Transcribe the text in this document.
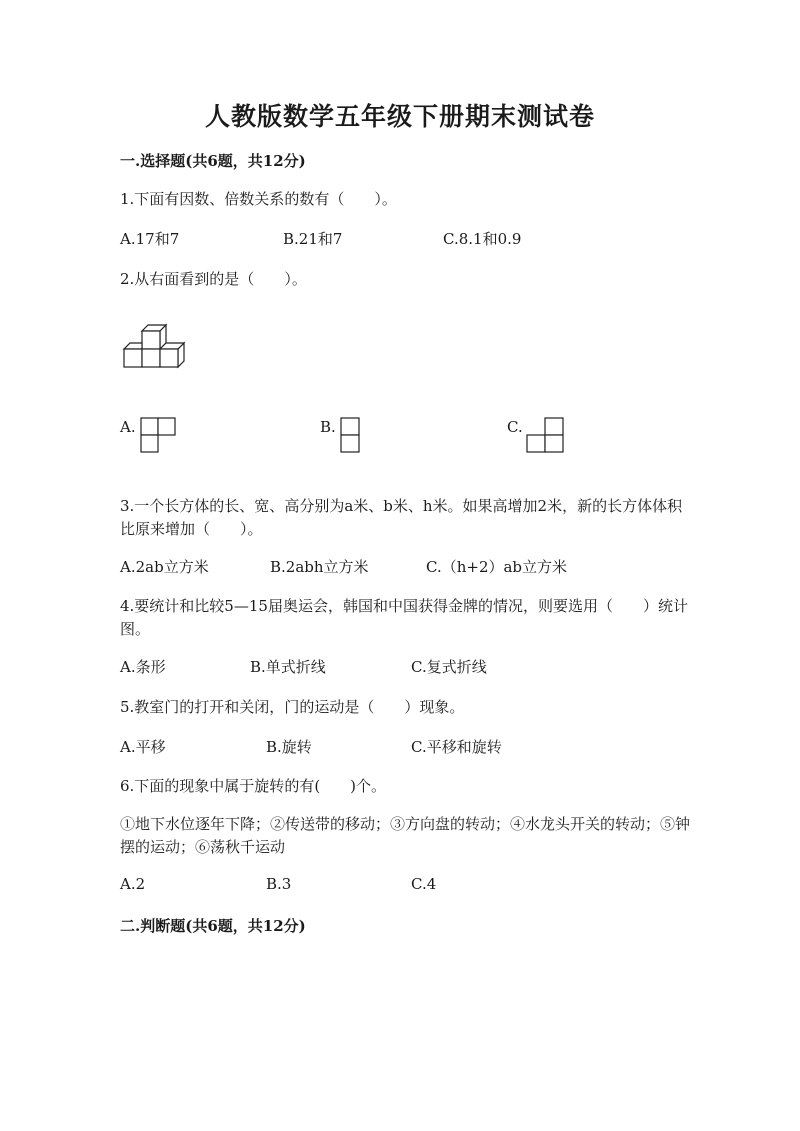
人教版数学五年级下册期末测试卷
一.选择题(共6题，共12分)
1.下面有因数、倍数关系的数有（　　）。
A.17和7	B.21和7	C.8.1和0.9
2.从右面看到的是（　　）。
A.	B.	C.
3.一个长方体的长、宽、高分别为a米、b米、h米。如果高增加2米，新的长方体体积比原来增加（　　）。
A.2ab立方米	B.2abh立方米	C.（h+2）ab立方米
4.要统计和比较5—15届奥运会，韩国和中国获得金牌的情况，则要选用（　　）统计图。
A.条形	B.单式折线	C.复式折线
5.教室门的打开和关闭，门的运动是（　　）现象。
A.平移	B.旋转	C.平移和旋转
6.下面的现象中属于旋转的有(　　)个。
①地下水位逐年下降；②传送带的移动；③方向盘的转动；④水龙头开关的转动；⑤钟摆的运动；⑥荡秋千运动
A.2	B.3	C.4
二.判断题(共6题，共12分)
